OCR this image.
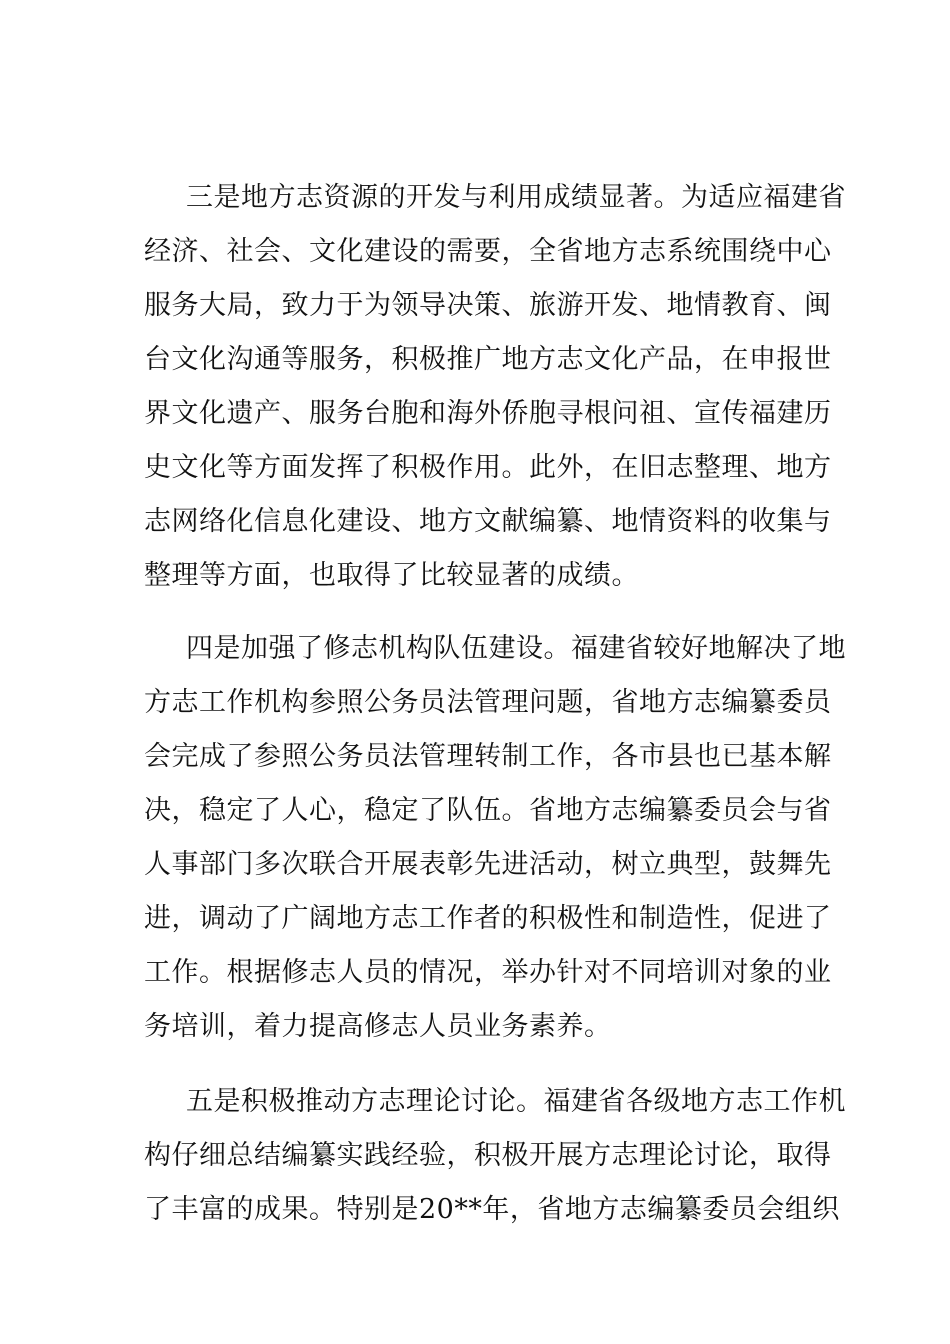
三是地方志资源的开发与利用成绩显著。为适应福建省
经济、社会、文化建设的需要，全省地方志系统围绕中心
服务大局，致力于为领导决策、旅游开发、地情教育、闽
台文化沟通等服务，积极推广地方志文化产品，在申报世
界文化遗产、服务台胞和海外侨胞寻根问祖、宣传福建历
史文化等方面发挥了积极作用。此外，在旧志整理、地方
志网络化信息化建设、地方文献编纂、地情资料的收集与
整理等方面，也取得了比较显著的成绩。
四是加强了修志机构队伍建设。福建省较好地解决了地
方志工作机构参照公务员法管理问题，省地方志编纂委员
会完成了参照公务员法管理转制工作，各市县也已基本解
决，稳定了人心，稳定了队伍。省地方志编纂委员会与省
人事部门多次联合开展表彰先进活动，树立典型，鼓舞先
进，调动了广阔地方志工作者的积极性和制造性，促进了
工作。根据修志人员的情况，举办针对不同培训对象的业
务培训，着力提高修志人员业务素养。
五是积极推动方志理论讨论。福建省各级地方志工作机
构仔细总结编纂实践经验，积极开展方志理论讨论，取得
了丰富的成果。特别是20**年，省地方志编纂委员会组织
